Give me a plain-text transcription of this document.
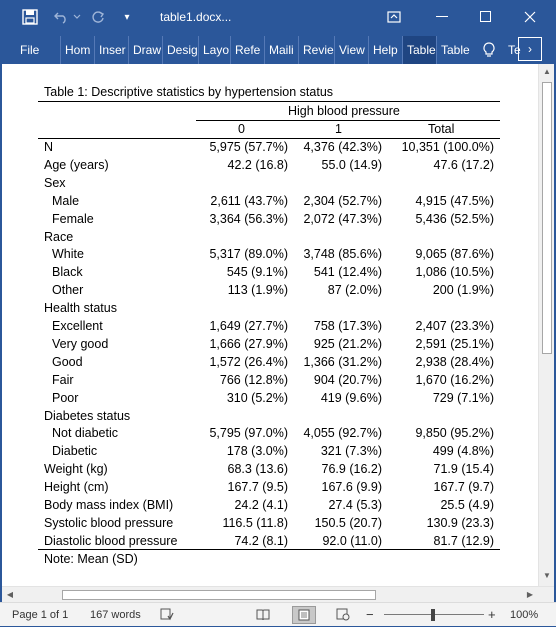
▾	table1.docx...
File	Hom Inser Draw Desig Layo Refe Maili Revie View Help Table Table	Te ›
Table 1: Descriptive statistics by hypertension status
High blood pressure
0	1	Total
N	5,975 (57.7%) 4,376 (42.3%) 10,351 (100.0%)
Age (years)	42.2 (16.8)	55.0 (14.9)	47.6 (17.2)
Sex
Male	2,611 (43.7%) 2,304 (52.7%)	4,915 (47.5%)
Female	3,364 (56.3%) 2,072 (47.3%)	5,436 (52.5%)
Race
White	5,317 (89.0%) 3,748 (85.6%)	9,065 (87.6%)
Black	545 (9.1%) 541 (12.4%)	1,086 (10.5%)
Other	113 (1.9%)	87 (2.0%)	200 (1.9%)
Health status
Excellent	1,649 (27.7%) 758 (17.3%)	2,407 (23.3%)
Very good	1,666 (27.9%) 925 (21.2%)	2,591 (25.1%)
Good	1,572 (26.4%) 1,366 (31.2%)	2,938 (28.4%)
Fair	766 (12.8%) 904 (20.7%)	1,670 (16.2%)
Poor	310 (5.2%)	419 (9.6%)	729 (7.1%)
Diabetes status
Not diabetic	5,795 (97.0%) 4,055 (92.7%)	9,850 (95.2%)
Diabetic	178 (3.0%)	321 (7.3%)	499 (4.8%)
Weight (kg)	68.3 (13.6)	76.9 (16.2)	71.9 (15.4)
Height (cm)	167.7 (9.5)	167.6 (9.9)	167.7 (9.7)
Body mass index (BMI)	24.2 (4.1)	27.4 (5.3)	25.5 (4.9)
Systolic blood pressure	116.5 (11.8) 150.5 (20.7)	130.9 (23.3)
Diastolic blood pressure	74.2 (8.1)	92.0 (11.0)	81.7 (12.9)
Note: Mean (SD)
▲
▼
◀	▶
Page 1 of 1 167 words	−	+ 100%
